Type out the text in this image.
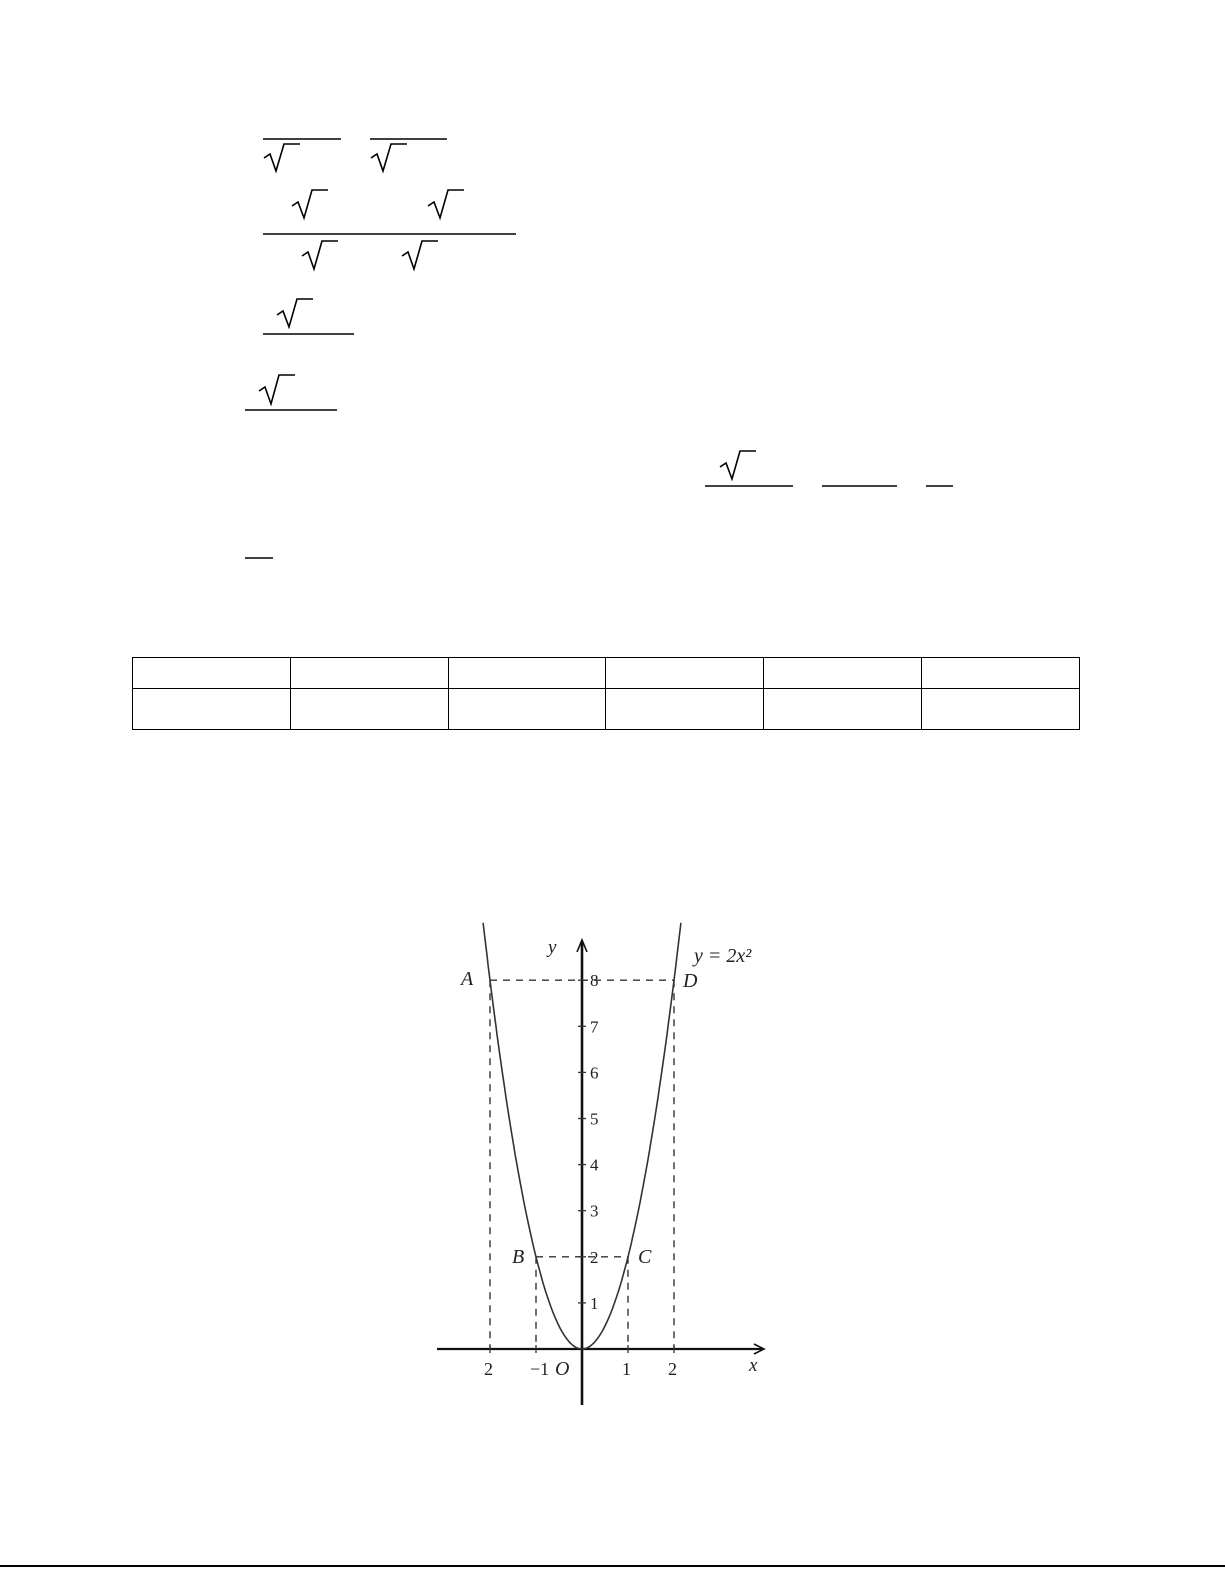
1
2
3
4
5
6
7
8
2 −1	1 2
A
B	C
D
x
y
O
y = 2x²
